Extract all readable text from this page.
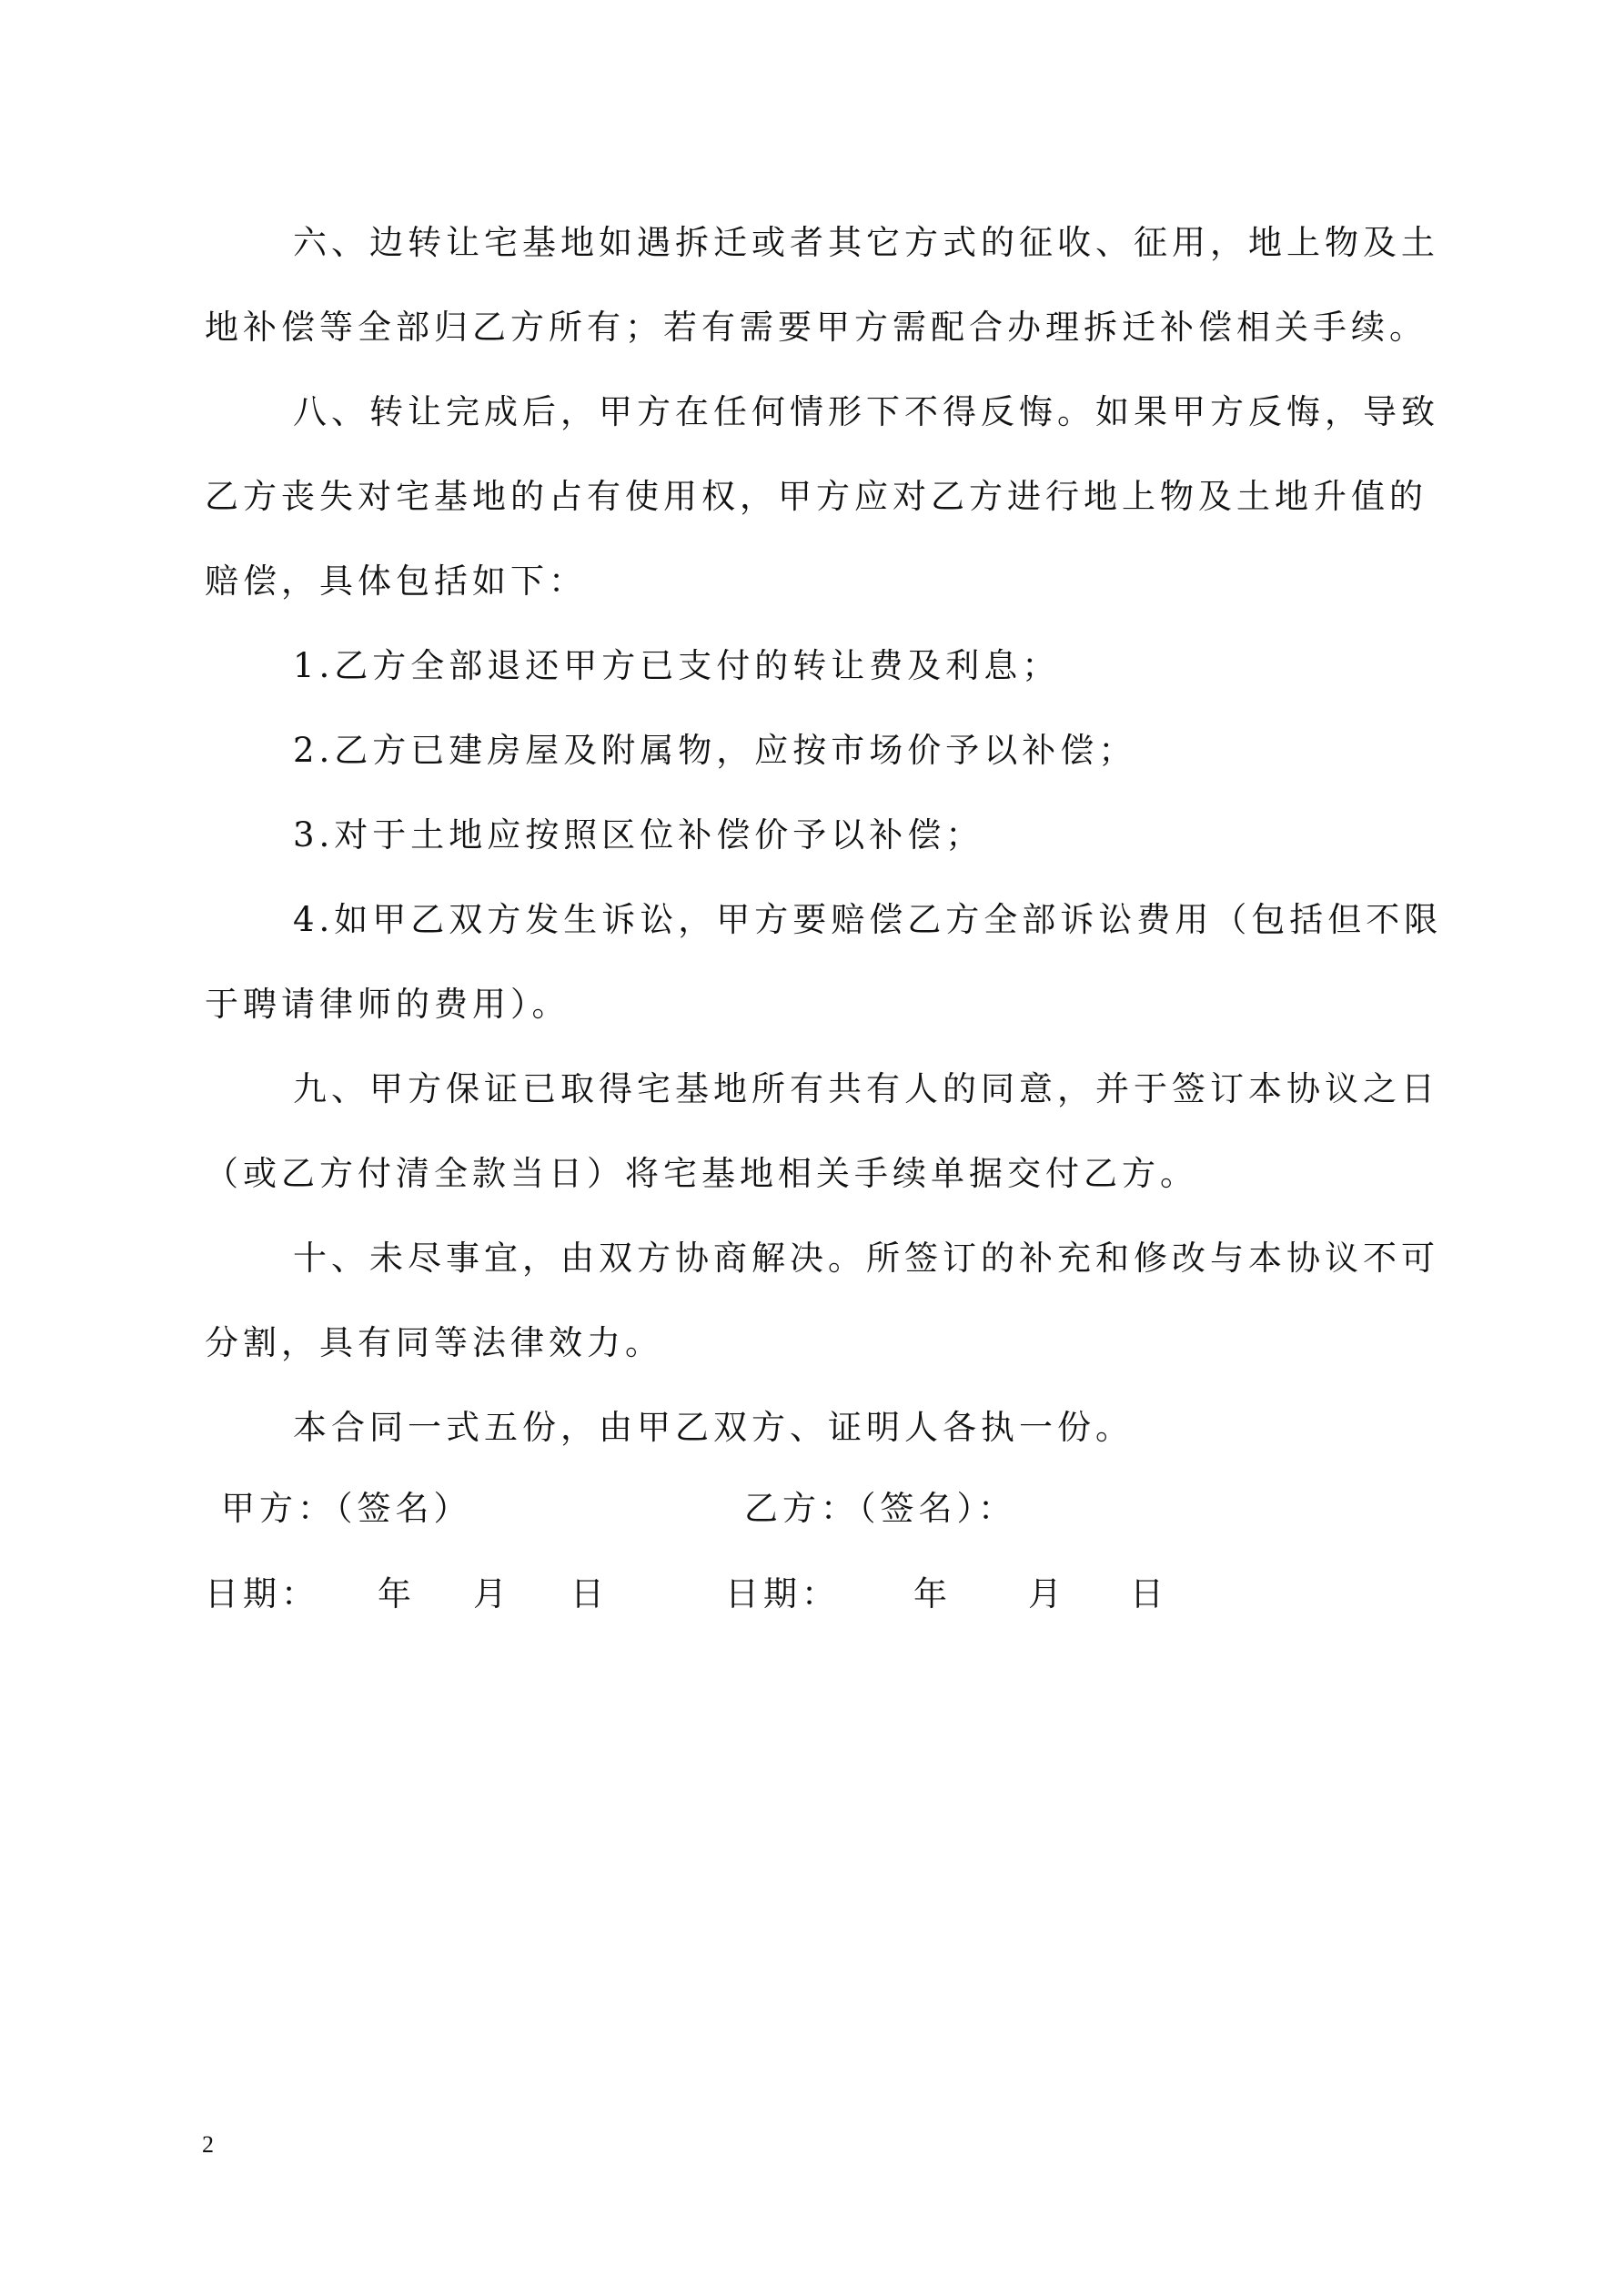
六、边转让宅基地如遇拆迁或者其它方式的征收、征用，地上物及土
地补偿等全部归乙方所有；若有需要甲方需配合办理拆迁补偿相关手续。
八、转让完成后，甲方在任何情形下不得反悔。如果甲方反悔，导致
乙方丧失对宅基地的占有使用权，甲方应对乙方进行地上物及土地升值的
赔偿，具体包括如下：
1.乙方全部退还甲方已支付的转让费及利息；
2.乙方已建房屋及附属物，应按市场价予以补偿；
3.对于土地应按照区位补偿价予以补偿；
4.如甲乙双方发生诉讼，甲方要赔偿乙方全部诉讼费用（包括但不限
于聘请律师的费用）。
九、甲方保证已取得宅基地所有共有人的同意，并于签订本协议之日
（或乙方付清全款当日）将宅基地相关手续单据交付乙方。
十、未尽事宜，由双方协商解决。所签订的补充和修改与本协议不可
分割，具有同等法律效力。
本合同一式五份，由甲乙双方、证明人各执一份。
甲方：（签名）	乙方：（签名）：
日期： 年 月 日	日期： 年 月 日
2
